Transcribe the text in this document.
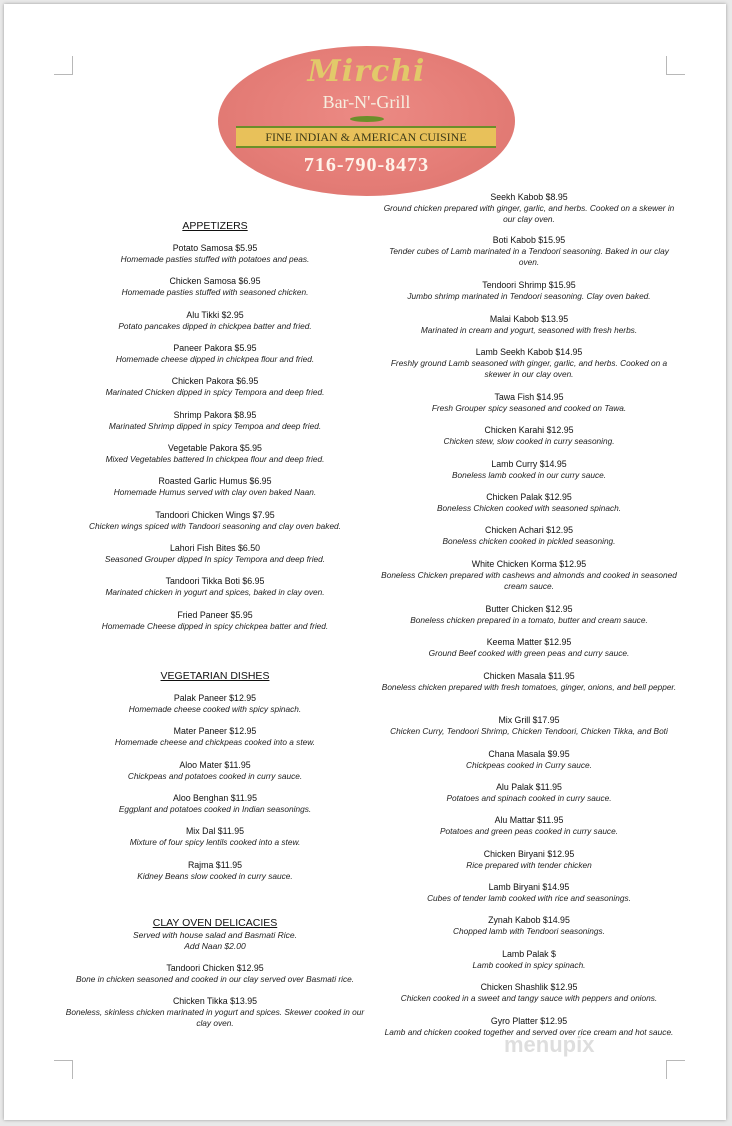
Mirchi
Bar-N'-Grill
FINE INDIAN & AMERICAN CUISINE
716-790-8473
APPETIZERS
Potato Samosa $5.95
Homemade pasties stuffed with potatoes and peas.
Chicken Samosa $6.95
Homemade pasties stuffed with seasoned chicken.
Alu Tikki $2.95
Potato pancakes dipped in chickpea batter and fried.
Paneer Pakora $5.95
Homemade cheese dipped in chickpea flour and fried.
Chicken Pakora $6.95
Marinated Chicken dipped in spicy Tempora and deep fried.
Shrimp Pakora $8.95
Marinated Shrimp dipped in spicy Tempoa and deep fried.
Vegetable Pakora $5.95
Mixed Vegetables battered In chickpea flour and deep fried.
Roasted Garlic Humus $6.95
Homemade Humus served with clay oven baked Naan.
Tandoori Chicken Wings $7.95
Chicken wings spiced with Tandoori seasoning and clay oven baked.
Lahori Fish Bites $6.50
Seasoned Grouper dipped In spicy Tempora and deep fried.
Tandoori Tikka Boti $6.95
Marinated chicken in yogurt and spices, baked in clay oven.
Fried Paneer $5.95
Homemade Cheese dipped in spicy chickpea batter and fried.
VEGETARIAN DISHES
Palak Paneer $12.95
Homemade cheese cooked with spicy spinach.
Mater Paneer $12.95
Homemade cheese and chickpeas cooked into a stew.
Aloo Mater $11.95
Chickpeas and potatoes cooked in curry sauce.
Aloo Benghan $11.95
Eggplant and potatoes cooked in Indian seasonings.
Mix Dal $11.95
Mixture of four spicy lentils cooked into a stew.
Rajma $11.95
Kidney Beans slow cooked in curry sauce.
CLAY OVEN DELICACIES
Served with house salad and Basmati Rice.
Add Naan $2.00
Tandoori Chicken $12.95
Bone in chicken seasoned and cooked in our clay served over Basmati rice.
Chicken Tikka $13.95
Boneless, skinless chicken marinated in yogurt and spices. Skewer cooked in our clay oven.
Seekh Kabob $8.95
Ground chicken prepared with ginger, garlic, and herbs. Cooked on a skewer in our clay oven.
Boti Kabob $15.95
Tender cubes of Lamb marinated in a Tendoori seasoning. Baked in our clay oven.
Tendoori Shrimp $15.95
Jumbo shrimp marinated in Tendoori seasoning. Clay oven baked.
Malai Kabob $13.95
Marinated in cream and yogurt, seasoned with fresh herbs.
Lamb Seekh Kabob $14.95
Freshly ground Lamb seasoned with ginger, garlic, and herbs. Cooked on a skewer in our clay oven.
Tawa Fish $14.95
Fresh Grouper spicy seasoned and cooked on Tawa.
Chicken Karahi $12.95
Chicken stew, slow cooked in curry seasoning.
Lamb Curry $14.95
Boneless lamb cooked in our curry sauce.
Chicken Palak $12.95
Boneless Chicken cooked with seasoned spinach.
Chicken Achari $12.95
Boneless chicken cooked in pickled seasoning.
White Chicken Korma $12.95
Boneless Chicken prepared with cashews and almonds and cooked in seasoned cream sauce.
Butter Chicken $12.95
Boneless chicken prepared in a tomato, butter and cream sauce.
Keema Matter $12.95
Ground Beef cooked with green peas and curry sauce.
Chicken Masala $11.95
Boneless chicken prepared with fresh tomatoes, ginger, onions, and bell pepper.
Mix Grill $17.95
Chicken Curry, Tendoori Shrimp, Chicken Tendoori, Chicken Tikka, and Boti
Chana Masala $9.95
Chickpeas cooked in Curry sauce.
Alu Palak $11.95
Potatoes and spinach cooked in curry sauce.
Alu Mattar $11.95
Potatoes and green peas cooked in curry sauce.
Chicken Biryani $12.95
Rice prepared with tender chicken
Lamb Biryani $14.95
Cubes of tender lamb cooked with rice and seasonings.
Zynah Kabob $14.95
Chopped lamb with Tendoori seasonings.
Lamb Palak $
Lamb cooked in spicy spinach.
Chicken Shashlik $12.95
Chicken cooked in a sweet and tangy sauce with peppers and onions.
Gyro Platter $12.95
Lamb and chicken cooked together and served over rice cream and hot sauce.
menupix
